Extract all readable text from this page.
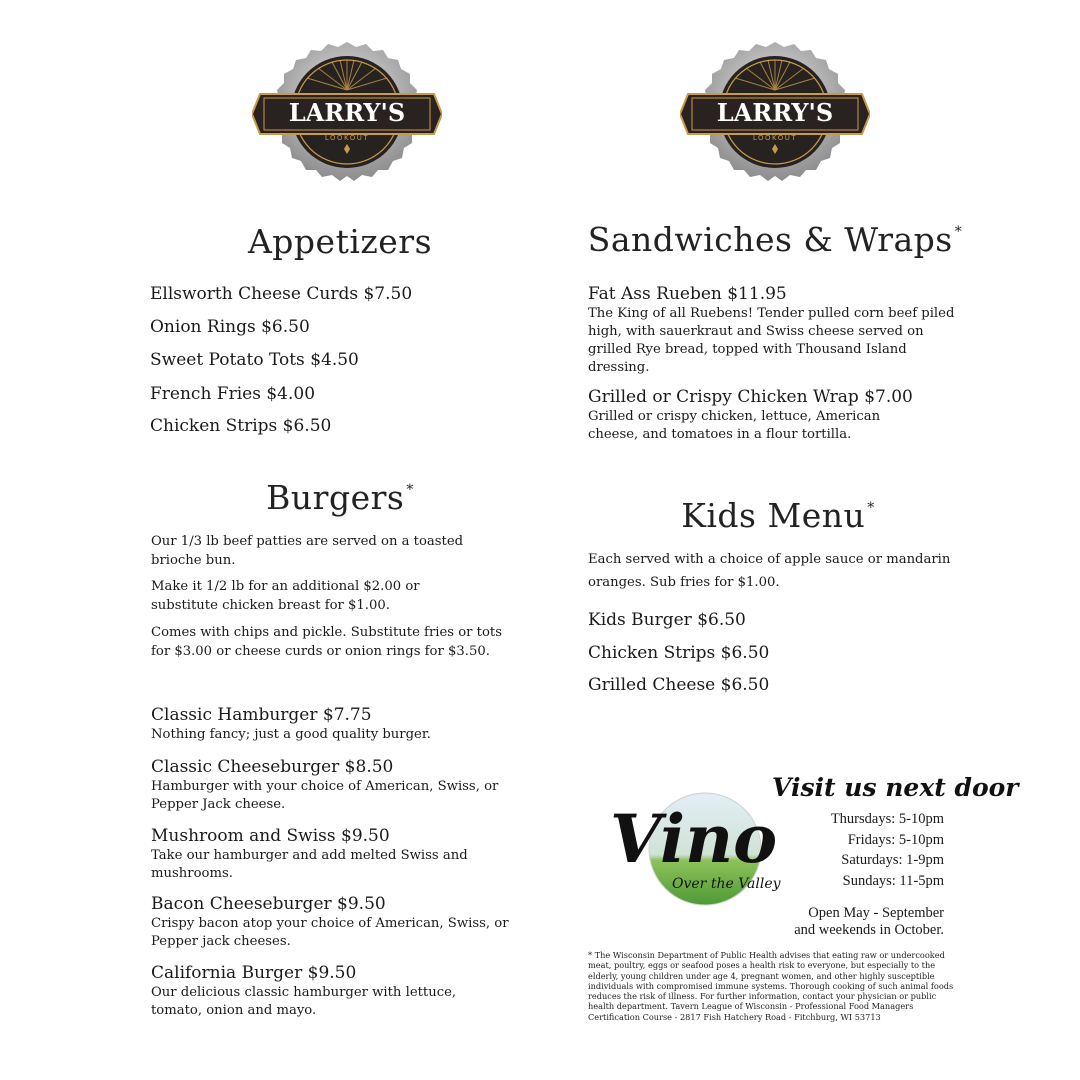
LARRY'S
LOOKOUT
LARRY'S
LOOKOUT
Appetizers
Ellsworth Cheese Curds $7.50
Onion Rings $6.50
Sweet Potato Tots $4.50
French Fries $4.00
Chicken Strips $6.50
Burgers *
Our 1/3 lb beef patties are served on a toasted brioche bun.
Make it 1/2 lb for an additional $2.00 or substitute chicken breast for $1.00.
Comes with chips and pickle. Substitute fries or tots for $3.00 or cheese curds or onion rings for $3.50.
Classic Hamburger $7.75
Nothing fancy; just a good quality burger.
Classic Cheeseburger $8.50
Hamburger with your choice of American, Swiss, or Pepper Jack cheese.
Mushroom and Swiss $9.50
Take our hamburger and add melted Swiss and mushrooms.
Bacon Cheeseburger $9.50
Crispy bacon atop your choice of American, Swiss, or Pepper jack cheeses.
California Burger $9.50
Our delicious classic hamburger with lettuce, tomato, onion and mayo.
Sandwiches & Wraps *
Fat Ass Rueben $11.95
The King of all Ruebens! Tender pulled corn beef piled high, with sauerkraut and Swiss cheese served on grilled Rye bread, topped with Thousand Island dressing.
Grilled or Crispy Chicken Wrap $7.00
Grilled or crispy chicken, lettuce, American cheese, and tomatoes in a flour tortilla.
Kids Menu *
Each served with a choice of apple sauce or mandarin oranges. Sub fries for $1.00.
Kids Burger $6.50
Chicken Strips $6.50
Grilled Cheese $6.50
Visit us next door
Vino
Over the Valley
Thursdays: 5-10pm
Fridays: 5-10pm
Saturdays: 1-9pm
Sundays: 11-5pm
Open May - September
and weekends in October.
* The Wisconsin Department of Public Health advises that eating raw or undercooked meat, poultry, eggs or seafood poses a health risk to everyone, but especially to the elderly, young children under age 4, pregnant women, and other highly susceptible individuals with compromised immune systems. Thorough cooking of such animal foods reduces the risk of illness. For further information, contact your physician or public health department. Tavern League of Wisconsin - Professional Food Managers Certification Course - 2817 Fish Hatchery Road - Fitchburg, WI 53713
